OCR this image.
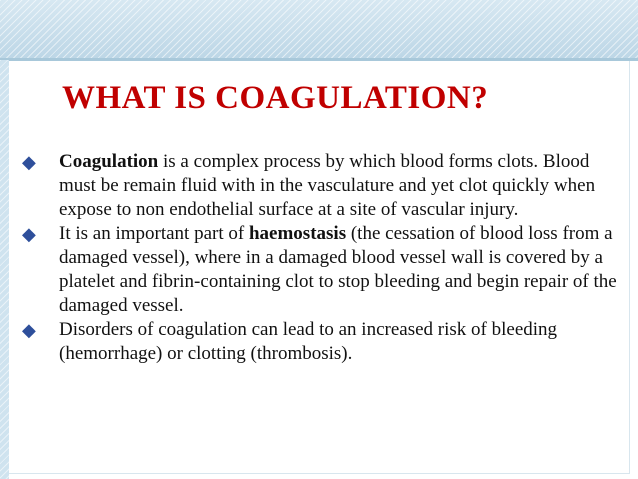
WHAT IS COAGULATION?
◆ Coagulation is a complex process by which blood forms clots. Blood must be remain fluid with in the vasculature and yet clot quickly when expose to non endothelial surface at a site of vascular injury.
◆ It is an important part of haemostasis (the cessation of blood loss from a damaged vessel), where in a damaged blood vessel wall is covered by a platelet and fibrin-containing clot to stop bleeding and begin repair of the damaged vessel.
◆ Disorders of coagulation can lead to an increased risk of bleeding (hemorrhage) or clotting (thrombosis).
